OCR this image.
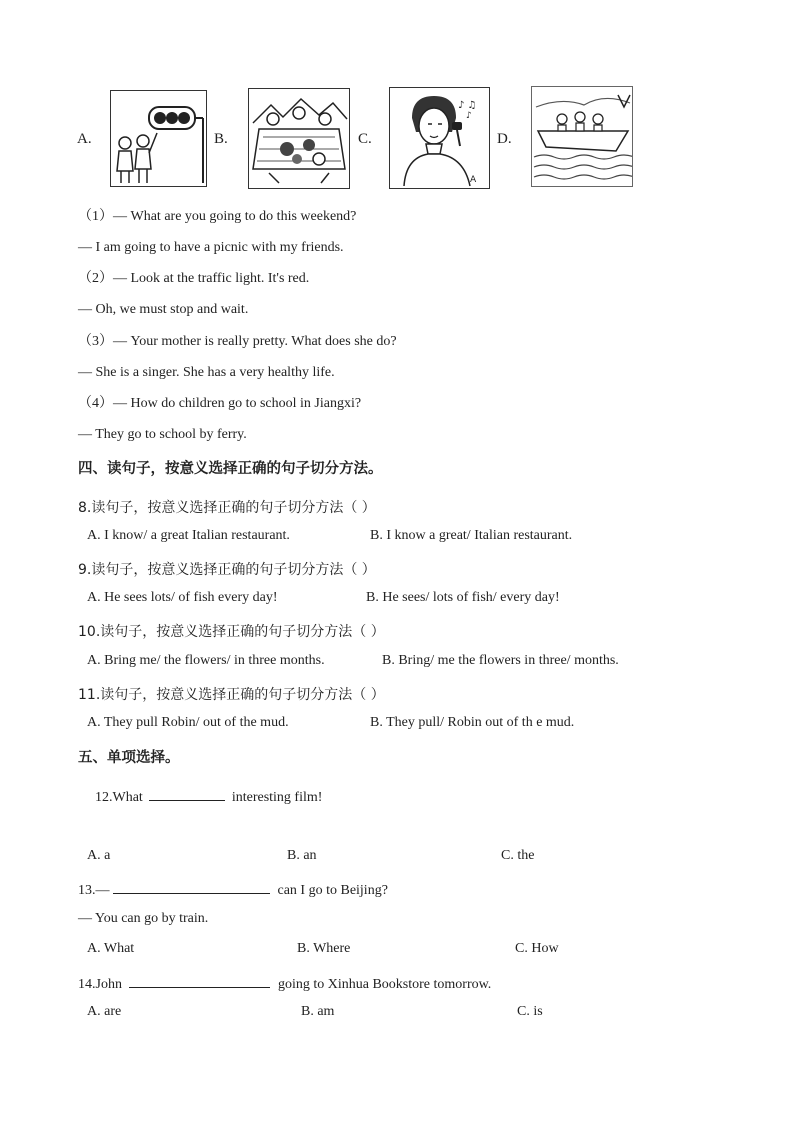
A.	B.	C.
♪ ♫
♪
A
D.
（1）— What are you going to do this weekend?
— I am going to have a picnic with my friends.
（2）— Look at the traffic light. It's red.
— Oh, we must stop and wait.
（3）— Your mother is really pretty. What does she do?
— She is a singer. She has a very healthy life.
（4）— How do children go to school in Jiangxi?
— They go to school by ferry.
四、读句子，按意义选择正确的句子切分方法。
8.读句子，按意义选择正确的句子切分方法（ ）
A. I know/ a great Italian restaurant.	B. I know a great/ Italian restaurant.
9.读句子，按意义选择正确的句子切分方法（ ）
A. He sees lots/ of fish every day!	B. He sees/ lots of fish/ every day!
10.读句子，按意义选择正确的句子切分方法（ ）
A. Bring me/ the flowers/ in three months.	B. Bring/ me the flowers in three/ months.
11.读句子，按意义选择正确的句子切分方法（ ）
A. They pull Robin/ out of the mud.	B. They pull/ Robin out of th e mud.
五、单项选择。
12.What	interesting film!
A. a	B. an	C. the
13.—	can I go to Beijing?
— You can go by train.
A. What	B. Where	C. How
14.John	going to Xinhua Bookstore tomorrow.
A. are	B. am	C. is
